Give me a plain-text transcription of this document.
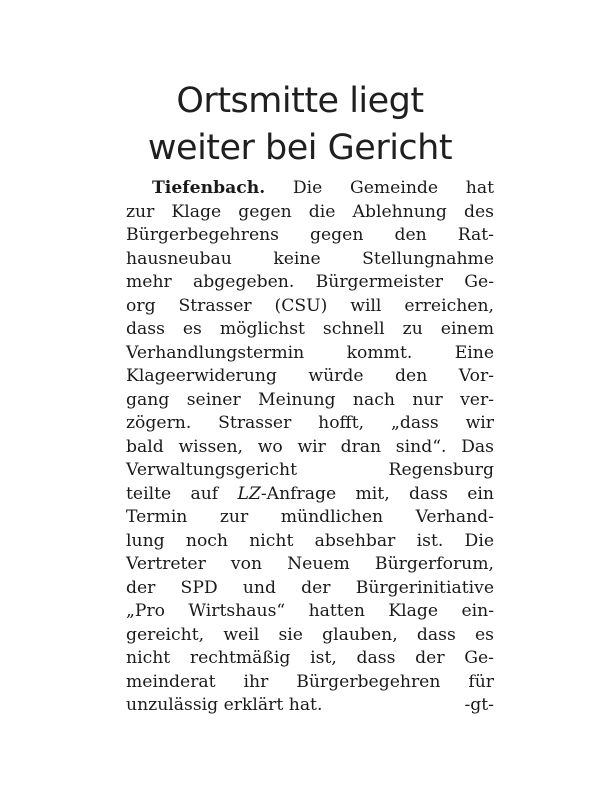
Ortsmitte liegt
weiter bei Gericht
Tiefenbach. Die Gemeinde hat
zur Klage gegen die Ablehnung des
Bürgerbegehrens gegen den Rat-
hausneubau keine Stellungnahme
mehr abgegeben. Bürgermeister Ge-
org Strasser (CSU) will erreichen,
dass es möglichst schnell zu einem
Verhandlungstermin kommt. Eine
Klageerwiderung würde den Vor-
gang seiner Meinung nach nur ver-
zögern. Strasser hofft, „dass wir
bald wissen, wo wir dran sind“. Das
Verwaltungsgericht Regensburg
teilte auf LZ-Anfrage mit, dass ein
Termin zur mündlichen Verhand-
lung noch nicht absehbar ist. Die
Vertreter von Neuem Bürgerforum,
der SPD und der Bürgerinitiative
„Pro Wirtshaus“ hatten Klage ein-
gereicht, weil sie glauben, dass es
nicht rechtmäßig ist, dass der Ge-
meinderat ihr Bürgerbegehren für
unzulässig erklärt hat.	-gt-
